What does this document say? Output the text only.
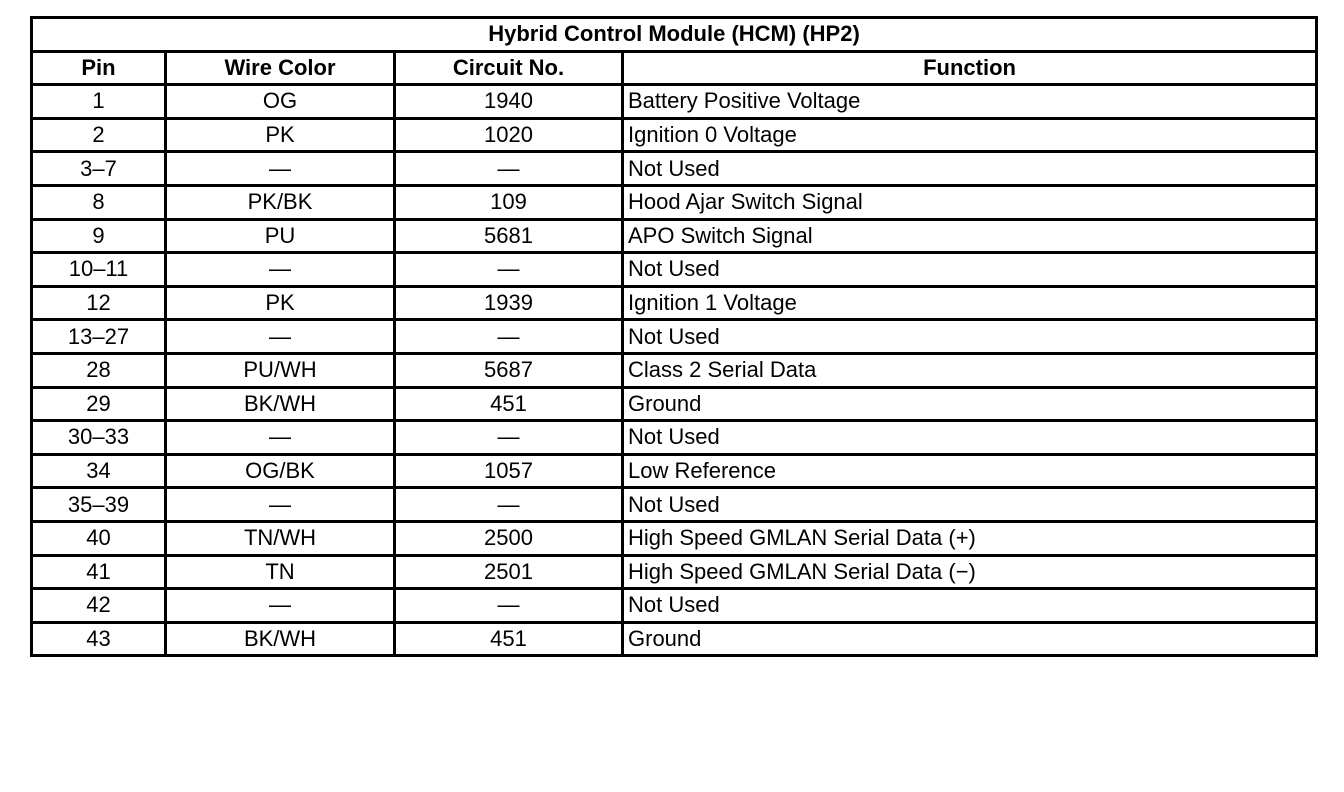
Hybrid Control Module (HCM) (HP2)			
Pin	Wire Color	Circuit No.	Function
1	OG	1940	Battery Positive Voltage
2	PK	1020	Ignition 0 Voltage
3–7	—	—	Not Used
8	PK/BK	109	Hood Ajar Switch Signal
9	PU	5681	APO Switch Signal
10–11	—	—	Not Used
12	PK	1939	Ignition 1 Voltage
13–27	—	—	Not Used
28	PU/WH	5687	Class 2 Serial Data
29	BK/WH	451	Ground
30–33	—	—	Not Used
34	OG/BK	1057	Low Reference
35–39	—	—	Not Used
40	TN/WH	2500	High Speed GMLAN Serial Data (+)
41	TN	2501	High Speed GMLAN Serial Data (−)
42	—	—	Not Used
43	BK/WH	451	Ground
